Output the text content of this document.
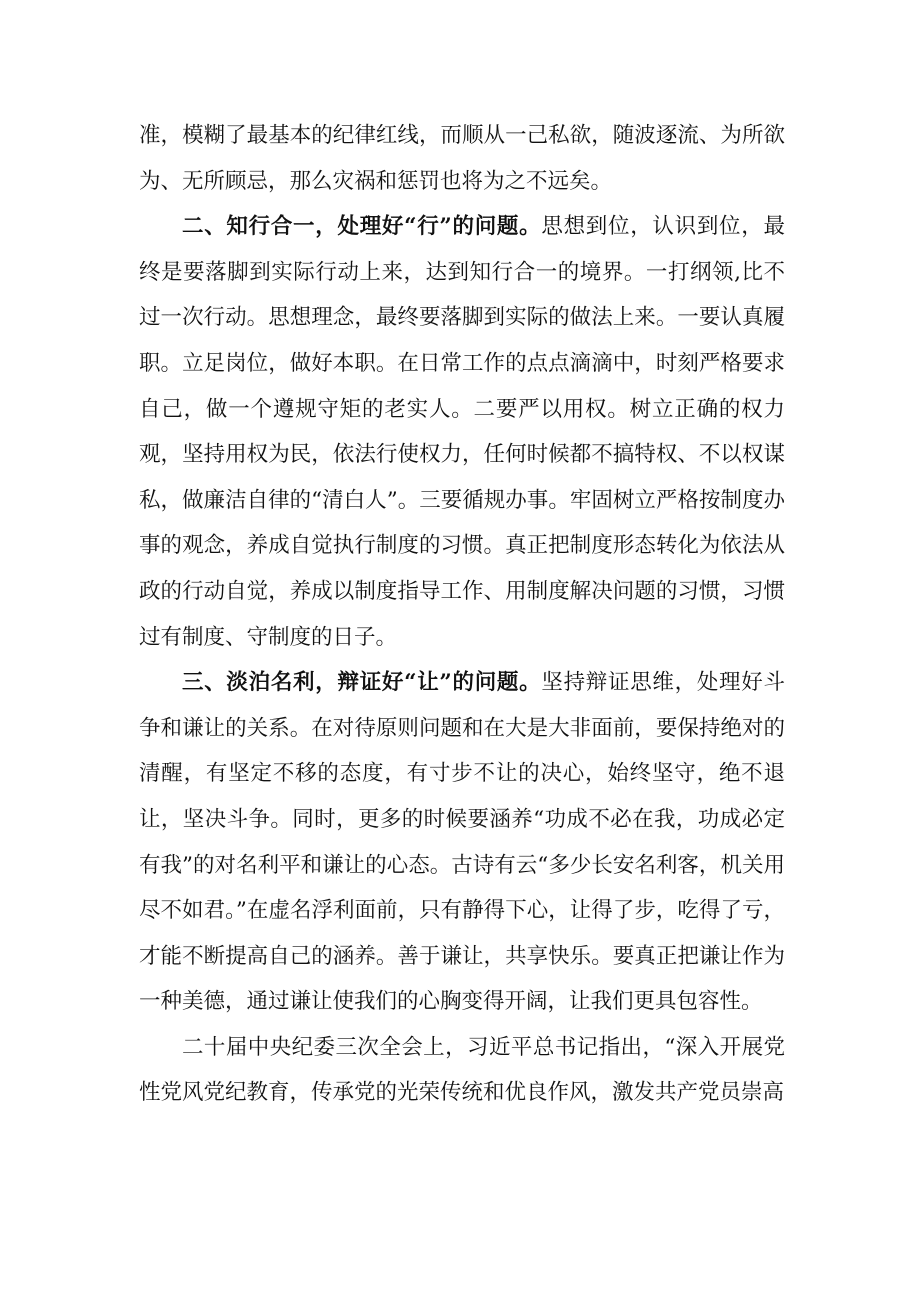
准，模糊了最基本的纪律红线，而顺从一己私欲，随波逐流、为所欲为、无所顾忌，那么灾祸和惩罚也将为之不远矣。

二、知行合一，处理好“行”的问题。思想到位，认识到位，最终是要落脚到实际行动上来，达到知行合一的境界。一打纲领,比不过一次行动。思想理念，最终要落脚到实际的做法上来。一要认真履职。立足岗位，做好本职。在日常工作的点点滴滴中，时刻严格要求自己，做一个遵规守矩的老实人。二要严以用权。树立正确的权力观，坚持用权为民，依法行使权力，任何时候都不搞特权、不以权谋私，做廉洁自律的“清白人”。三要循规办事。牢固树立严格按制度办事的观念，养成自觉执行制度的习惯。真正把制度形态转化为依法从政的行动自觉，养成以制度指导工作、用制度解决问题的习惯，习惯过有制度、守制度的日子。

三、淡泊名利，辩证好“让”的问题。坚持辩证思维，处理好斗争和谦让的关系。在对待原则问题和在大是大非面前，要保持绝对的清醒，有坚定不移的态度，有寸步不让的决心，始终坚守，绝不退让，坚决斗争。同时，更多的时候要涵养“功成不必在我，功成必定有我”的对名利平和谦让的心态。古诗有云“多少长安名利客，机关用尽不如君。”在虚名浮利面前，只有静得下心，让得了步，吃得了亏，才能不断提高自己的涵养。善于谦让，共享快乐。要真正把谦让作为一种美德，通过谦让使我们的心胸变得开阔，让我们更具包容性。

二十届中央纪委三次全会上，习近平总书记指出，“深入开展党性党风党纪教育，传承党的光荣传统和优良作风，激发共产党员崇高
